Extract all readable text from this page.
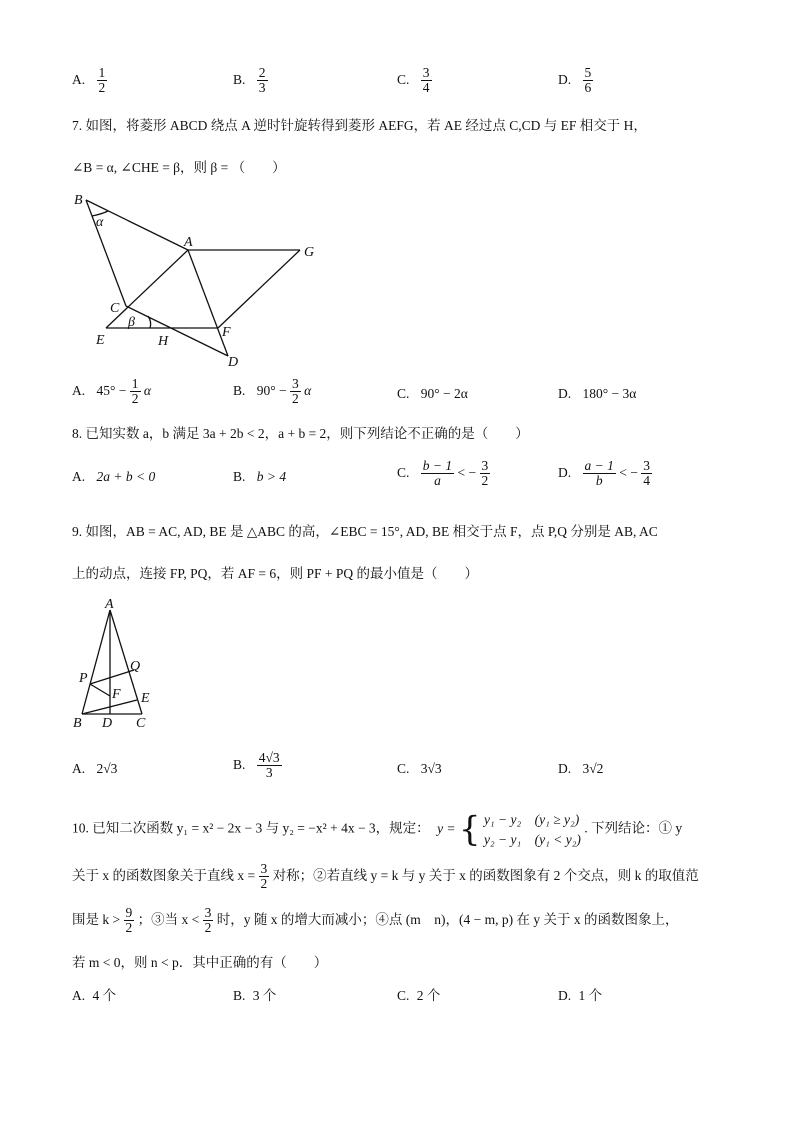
A. $\frac{1}{2}$	B. $\frac{2}{3}$	C. $\frac{3}{4}$	D. $\frac{5}{6}$
7. 如图，将菱形 ABCD 绕点 A 逆时针旋转得到菱形 AEFG，若 AE 经过点 C,CD 与 EF 相交于 H，
∠B = α, ∠CHE = β，则 β = （　　）
B
α
A
G
C
β
E	H
F
D
A. $45^\circ - \frac{1}{2}$ α	B. $90^\circ - \frac{3}{2}$ α	C. 90° − 2α	D. 180° − 3α
8. 已知实数 a，b 满足 3a + 2b < 2，a + b = 2，则下列结论不正确的是（　　）
A. 2a + b < 0	B. b > 4	C. $\frac{b - 1}{a}$ < − $\frac{3}{2}$	D. $\frac{a - 1}{b}$ < − $\frac{3}{4}$
9. 如图，AB = AC, AD, BE 是 △ABC 的高，∠EBC = 15°, AD, BE 相交于点 F，点 P,Q 分别是 AB, AC
上的动点，连接 FP, PQ，若 AF = 6，则 PF + PQ 的最小值是（　　）
A
P
Q
F E
B D C
A. 2√3	B. $\frac{4√3}{3}$	C. 3√3	D. 3√2
10. 已知二次函数 y₁ = x² − 2x − 3 与 y₂ = −x² + 4x − 3，规定： y = { y₁ − y₂　(y₁ ≥ y₂)
y₂ − y₁　(y₁ < y₂)
. 下列结论：① y
关于 x 的函数图象关于直线 $x = \frac{3}{2}$ 对称；②若直线 y = k 与 y 关于 x 的函数图象有 2 个交点，则 k 的取值范
围是 $k > \frac{9}{2}$ ；③当 $x < \frac{3}{2}$ 时，y 随 x 的增大而减小；④点 (m　n)，(4 − m, p) 在 y 关于 x 的函数图象上，
若 m < 0，则 n < p．其中正确的有（　　）
A. 4 个	B. 3 个	C. 2 个	D. 1 个
